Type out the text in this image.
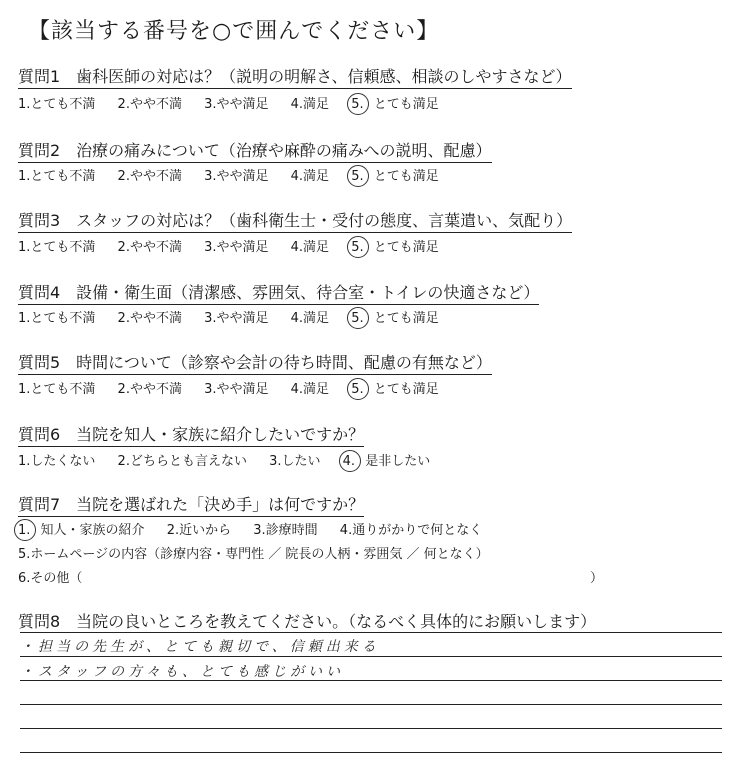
【該当する番号を○で囲んでください】
質問1　歯科医師の対応は？（説明の明解さ、信頼感、相談のしやすさなど）
1.とても不満 2.やや不満 3.やや満足 4.満足 5. とても満足
質問2　治療の痛みについて（治療や麻酔の痛みへの説明、配慮）
1.とても不満 2.やや不満 3.やや満足 4.満足 5. とても満足
質問3　スタッフの対応は？（歯科衛生士・受付の態度、言葉遣い、気配り）
1.とても不満 2.やや不満 3.やや満足 4.満足 5. とても満足
質問4　設備・衛生面（清潔感、雰囲気、待合室・トイレの快適さなど）
1.とても不満 2.やや不満 3.やや満足 4.満足 5. とても満足
質問5　時間について（診察や会計の待ち時間、配慮の有無など）
1.とても不満 2.やや不満 3.やや満足 4.満足 5. とても満足
質問6　当院を知人・家族に紹介したいですか？
1.したくない 2.どちらとも言えない 3.したい 4. 是非したい
質問7　当院を選ばれた「決め手」は何ですか？
1. 知人・家族の紹介 2.近いから 3.診療時間 4.通りがかりで何となく
5.ホームページの内容（診療内容・専門性 ／ 院長の人柄・雰囲気 ／ 何となく）
6.その他（	）
質問8　当院の良いところを教えてください。（なるべく具体的にお願いします）
・担当の先生が、とても親切で、信頼出来る
・スタッフの方々も、とても感じがいい
